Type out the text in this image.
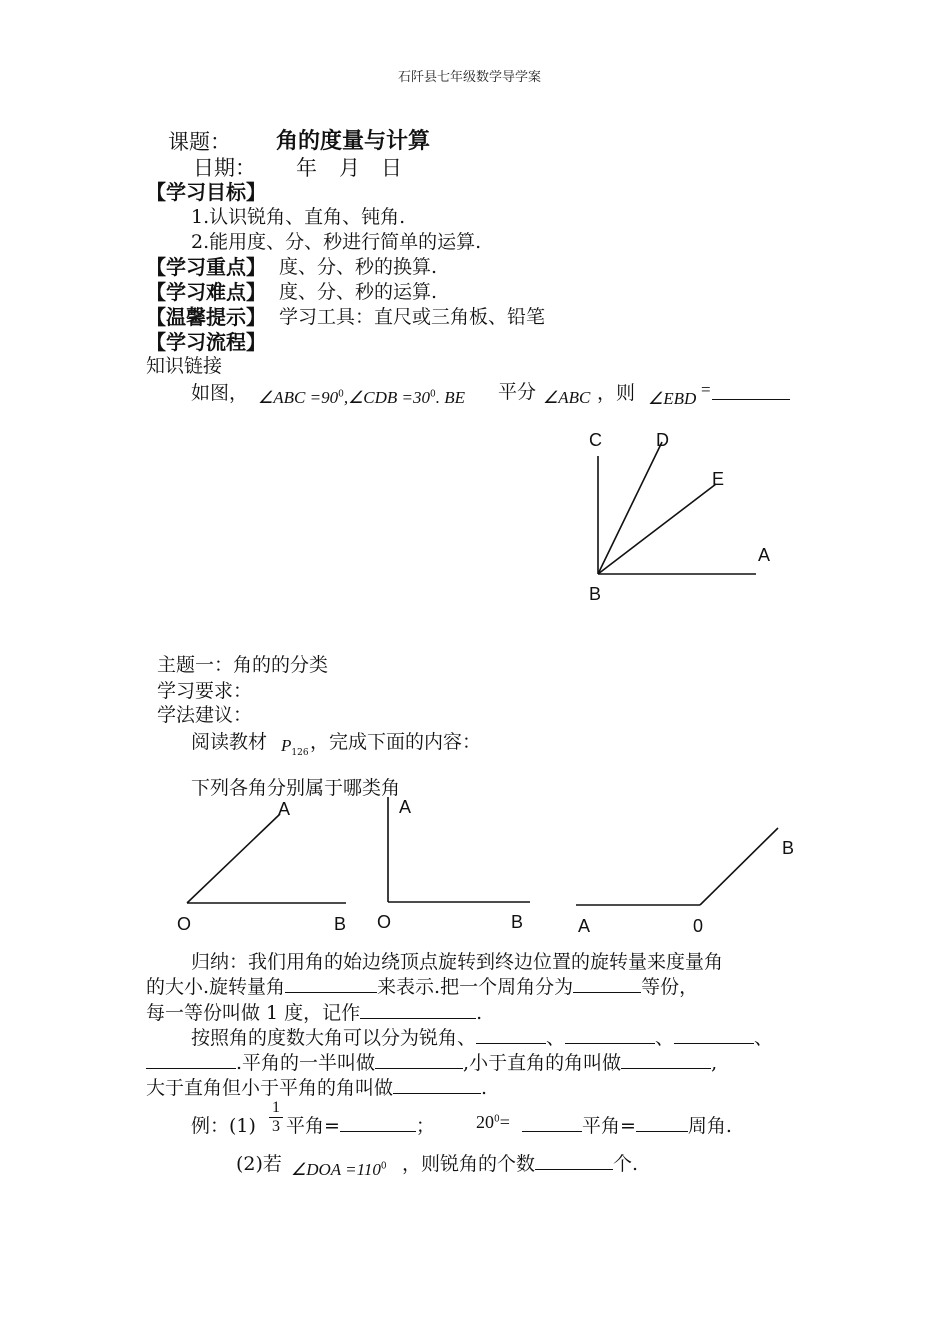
石阡县七年级数学导学案
课题： 角的度量与计算
日期： 年 月 日
【学习目标】
1.认识锐角、直角、钝角.
2.能用度、分、秒进行简单的运算.
【学习重点】 度、分、秒的换算.
【学习难点】 度、分、秒的运算.
【温馨提示】 学习工具：直尺或三角板、铅笔
【学习流程】
知识链接
如图， ∠ABC $=90^0,\angle CDB =30^0$. BE 平分 ∠ABC ，则 ∠EBD =
C	D
E
A
B
主题一：角的的分类
学习要求：
学法建议：
阅读教材 $P_{126}$
，完成下面的内容：
下列各角分别属于哪类角
A
O	B
A
O	B	A	0
B
归纳：我们用角的始边绕顶点旋转到终边位置的旋转量来度量角
的大小.旋转量角	来表示.把一个周角分为	等份，
每一等份叫做 1 度，记作	.
按照角的度数大角可以分为锐角、	、	、	、
.平角的一半叫做	,小于直角的角叫做	,
大于直角但小于平角的角叫做	.
例：(1)
1
3 平角=	； $20^0=$	平角=	周角.
(2)若 ∠DOA $=110^0$ ，则锐角的个数	个.
